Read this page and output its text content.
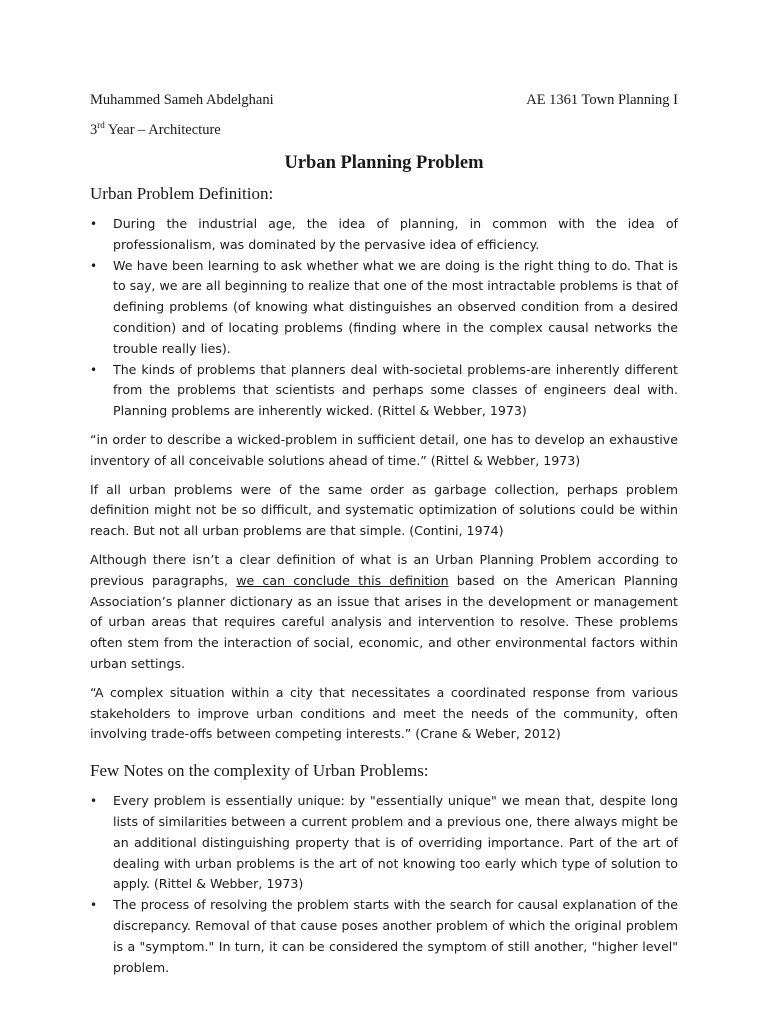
Muhammed Sameh Abdelghani	AE 1361 Town Planning I
3rd Year – Architecture
Urban Planning Problem
Urban Problem Definition:
• During the industrial age, the idea of planning, in common with the idea of professionalism, was dominated by the pervasive idea of efficiency.
• We have been learning to ask whether what we are doing is the right thing to do. That is to say, we are all beginning to realize that one of the most intractable problems is that of defining problems (of knowing what distinguishes an observed condition from a desired condition) and of locating problems (finding where in the complex causal networks the trouble really lies).
• The kinds of problems that planners deal with-societal problems-are inherently different from the problems that scientists and perhaps some classes of engineers deal with. Planning problems are inherently wicked. (Rittel & Webber, 1973)

“in order to describe a wicked-problem in sufficient detail, one has to develop an exhaustive inventory of all conceivable solutions ahead of time.” (Rittel & Webber, 1973)

If all urban problems were of the same order as garbage collection, perhaps problem definition might not be so difficult, and systematic optimization of solutions could be within reach. But not all urban problems are that simple. (Contini, 1974)

Although there isn’t a clear definition of what is an Urban Planning Problem according to previous paragraphs, we can conclude this definition based on the American Planning Association’s planner dictionary as an issue that arises in the development or management of urban areas that requires careful analysis and intervention to resolve. These problems often stem from the interaction of social, economic, and other environmental factors within urban settings.

“A complex situation within a city that necessitates a coordinated response from various stakeholders to improve urban conditions and meet the needs of the community, often involving trade-offs between competing interests.” (Crane & Weber, 2012)

Few Notes on the complexity of Urban Problems:
• Every problem is essentially unique: by "essentially unique" we mean that, despite long lists of similarities between a current problem and a previous one, there always might be an additional distinguishing property that is of overriding importance. Part of the art of dealing with urban problems is the art of not knowing too early which type of solution to apply. (Rittel & Webber, 1973)
• The process of resolving the problem starts with the search for causal explanation of the discrepancy. Removal of that cause poses another problem of which the original problem is a "symptom." In turn, it can be considered the symptom of still another, "higher level" problem.
